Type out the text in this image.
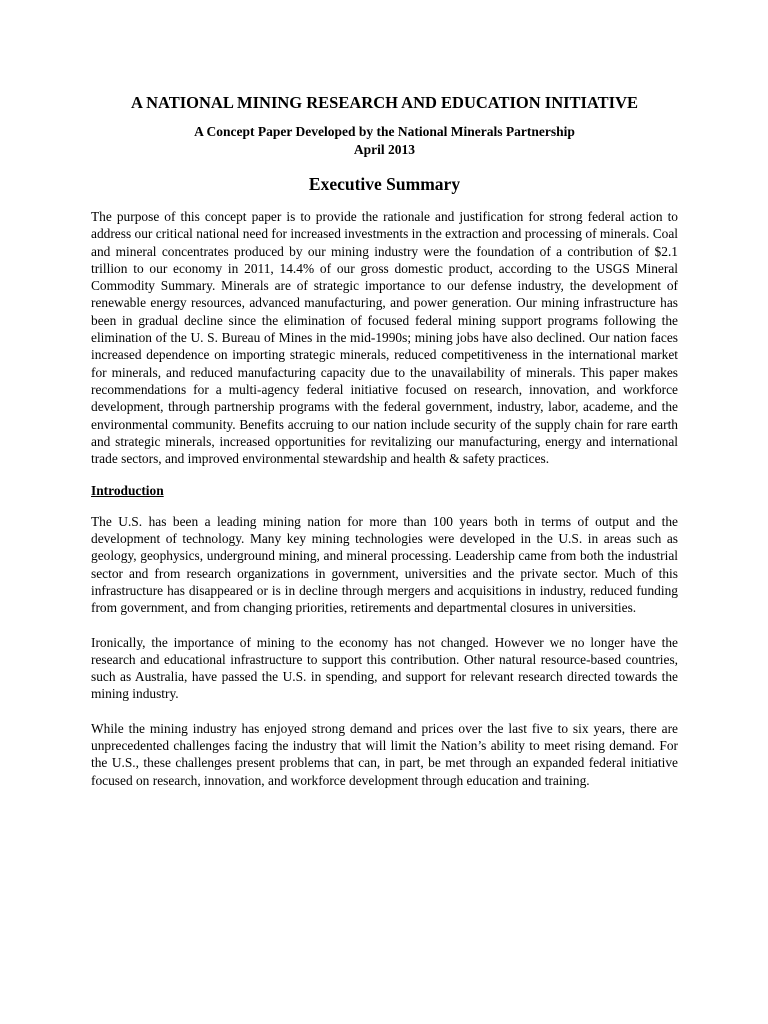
A NATIONAL MINING RESEARCH AND EDUCATION INITIATIVE
A Concept Paper Developed by the National Minerals Partnership
April 2013
Executive Summary

The purpose of this concept paper is to provide the rationale and justification for strong federal action to address our critical national need for increased investments in the extraction and processing of minerals. Coal and mineral concentrates produced by our mining industry were the foundation of a contribution of $2.1 trillion to our economy in 2011, 14.4% of our gross domestic product, according to the USGS Mineral Commodity Summary. Minerals are of strategic importance to our defense industry, the development of renewable energy resources, advanced manufacturing, and power generation. Our mining infrastructure has been in gradual decline since the elimination of focused federal mining support programs following the elimination of the U. S. Bureau of Mines in the mid-1990s; mining jobs have also declined. Our nation faces increased dependence on importing strategic minerals, reduced competitiveness in the international market for minerals, and reduced manufacturing capacity due to the unavailability of minerals. This paper makes recommendations for a multi-agency federal initiative focused on research, innovation, and workforce development, through partnership programs with the federal government, industry, labor, academe, and the environmental community. Benefits accruing to our nation include security of the supply chain for rare earth and strategic minerals, increased opportunities for revitalizing our manufacturing, energy and international trade sectors, and improved environmental stewardship and health & safety practices.

Introduction

The U.S. has been a leading mining nation for more than 100 years both in terms of output and the development of technology. Many key mining technologies were developed in the U.S. in areas such as geology, geophysics, underground mining, and mineral processing. Leadership came from both the industrial sector and from research organizations in government, universities and the private sector. Much of this infrastructure has disappeared or is in decline through mergers and acquisitions in industry, reduced funding from government, and from changing priorities, retirements and departmental closures in universities.

Ironically, the importance of mining to the economy has not changed. However we no longer have the research and educational infrastructure to support this contribution. Other natural resource-based countries, such as Australia, have passed the U.S. in spending, and support for relevant research directed towards the mining industry.

While the mining industry has enjoyed strong demand and prices over the last five to six years, there are unprecedented challenges facing the industry that will limit the Nation’s ability to meet rising demand. For the U.S., these challenges present problems that can, in part, be met through an expanded federal initiative focused on research, innovation, and workforce development through education and training.
